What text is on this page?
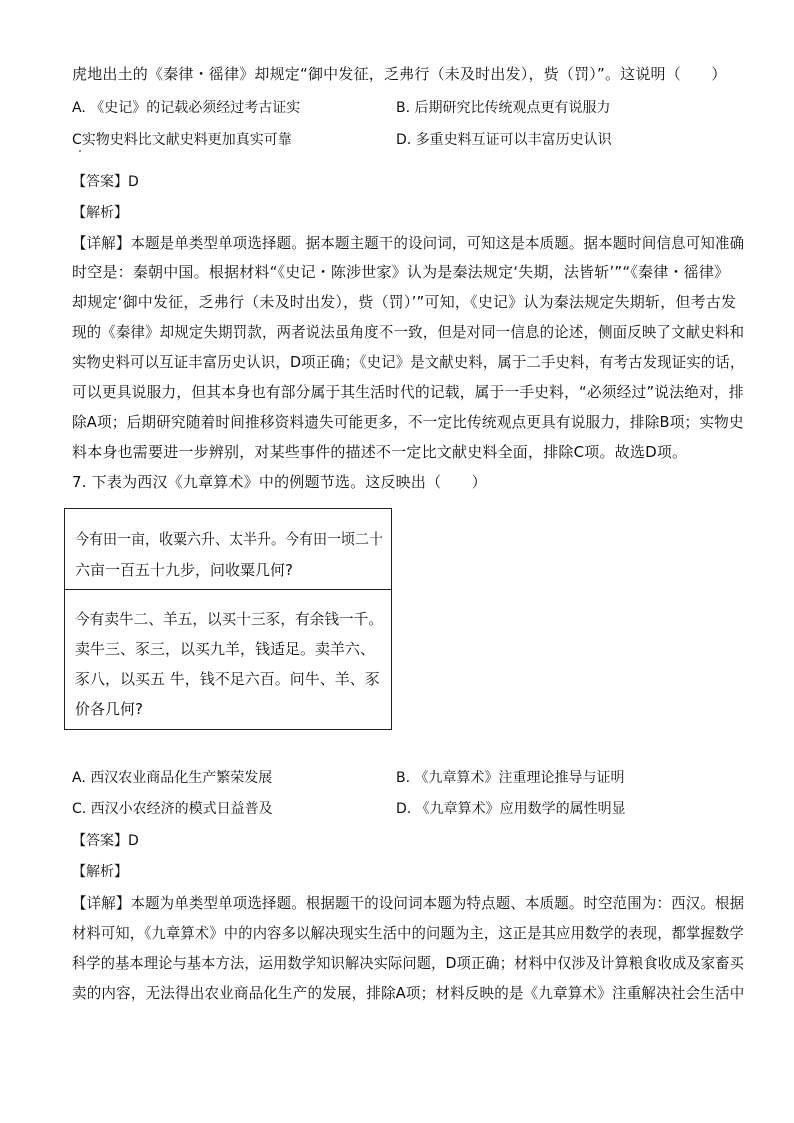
虎地出土的《秦律・徭律》却规定“御中发征，乏弗行（未及时出发），赀（罚）”。这说明（　　）
A. 《史记》的记载必须经过考古证实	B. 后期研究比传统观点更有说服力
C实物史料比文献史料更加真实可靠	D. 多重史料互证可以丰富历史认识
【答案】D
【解析】
【详解】本题是单类型单项选择题。据本题主题干的设问词，可知这是本质题。据本题时间信息可知准确
时空是：秦朝中国。根据材料“《史记・陈涉世家》认为是秦法规定‘失期，法皆斩’”“《秦律・徭律》
却规定‘御中发征，乏弗行（未及时出发），赀（罚）’”可知，《史记》认为秦法规定失期斩，但考古发
现的《秦律》却规定失期罚款，两者说法虽角度不一致，但是对同一信息的论述，侧面反映了文献史料和
实物史料可以互证丰富历史认识，D项正确；《史记》是文献史料，属于二手史料，有考古发现证实的话，
可以更具说服力，但其本身也有部分属于其生活时代的记载，属于一手史料，“必须经过”说法绝对，排
除A项；后期研究随着时间推移资料遗失可能更多，不一定比传统观点更具有说服力，排除B项；实物史
料本身也需要进一步辨别，对某些事件的描述不一定比文献史料全面，排除C项。故选D项。
7. 下表为西汉《九章算术》中的例题节选。这反映出（　　）
今有田一亩，收粟六升、太半升。今有田一顷二十
六亩一百五十九步，问收粟几何?
今有卖牛二、羊五，以买十三豕，有余钱一千。
卖牛三、豕三，以买九羊，钱适足。卖羊六、
豕八，以买五 牛，钱不足六百。问牛、羊、豕
价各几何?
A. 西汉农业商品化生产繁荣发展	B. 《九章算术》注重理论推导与证明
C. 西汉小农经济的模式日益普及	D. 《九章算术》应用数学的属性明显
【答案】D
【解析】
【详解】本题为单类型单项选择题。根据题干的设问词本题为特点题、本质题。时空范围为：西汉。根据
材料可知，《九章算术》中的内容多以解决现实生活中的问题为主，这正是其应用数学的表现，都掌握数学
科学的基本理论与基本方法，运用数学知识解决实际问题，D项正确；材料中仅涉及计算粮食收成及家畜买
卖的内容，无法得出农业商品化生产的发展，排除A项；材料反映的是《九章算术》注重解决社会生活中
